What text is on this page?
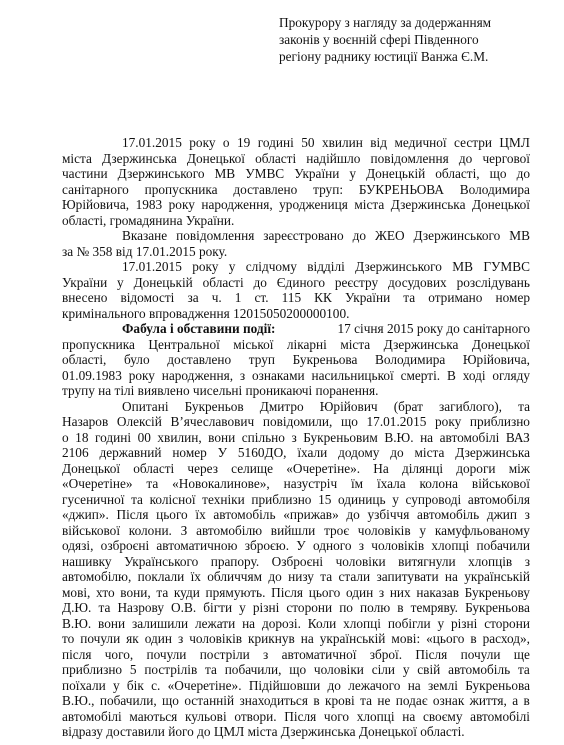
Прокурору з нагляду за додержанням
законів у воєнній сфері Південного
регіону раднику юстиції Ванжа Є.М.
17.01.2015 року о 19 годині 50 хвилин від медичної сестри ЦМЛ
міста Дзержинська Донецької області надійшло повідомлення до чергової
частини Дзержинського МВ УМВС України у Донецькій області, що до
санітарного пропускника доставлено труп: БУКРЕНЬОВА Володимира
Юрійовича, 1983 року народження, уроджениця міста Дзержинська Донецької
області, громадянина України.
Вказане повідомлення зареєстровано до ЖЕО Дзержинського МВ
за № 358 від 17.01.2015 року.
17.01.2015 року у слідчому відділі Дзержинського МВ ГУМВС
України у Донецькій області до Єдиного реєстру досудових розслідувань
внесено відомості за ч. 1 ст. 115 КК України та отримано номер
кримінального впровадження 12015050200000100.
Фабула і обставини події:	17 січня 2015 року до санітарного
пропускника Центральної міської лікарні міста Дзержинська Донецької
області, було доставлено труп Букреньова Володимира Юрійовича,
01.09.1983 року народження, з ознаками насильницької смерті. В ході огляду
трупу на тілі виявлено чисельні проникаючі поранення.
Опитані Букреньов Дмитро Юрійович (брат загиблого), та
Назаров Олексій В’ячеславович повідомили, що 17.01.2015 року приблизно
о 18 годині 00 хвилин, вони спільно з Букреньовим В.Ю. на автомобілі ВАЗ
2106 державний номер У 5160ДО, їхали додому до міста Дзержинська
Донецької області через селище «Очеретіне». На ділянці дороги між
«Очеретіне» та «Новокалинове», назустріч їм їхала колона військової
гусеничної та колісної техніки приблизно 15 одиниць у супроводі автомобіля
«джип». Після цього їх автомобіль «прижав» до узбіччя автомобіль джип з
військової колони. З автомобілю вийшли троє чоловіків у камуфльованому
одязі, озброєні автоматичною зброєю. У одного з чоловіків хлопці побачили
нашивку Українського прапору. Озброєні чоловіки витягнули хлопців з
автомобілю, поклали їх обличчям до низу та стали запитувати на українській
мові, хто вони, та куди прямують. Після цього один з них наказав Букреньову
Д.Ю. та Назрову О.В. бігти у різні сторони по полю в темряву. Букреньова
В.Ю. вони залишили лежати на дорозі. Коли хлопці побігли у різні сторони
то почули як один з чоловіків крикнув на українській мові: «цього в расход»,
після чого, почули постріли з автоматичної зброї. Після почули ще
приблизно 5 пострілів та побачили, що чоловіки сіли у свій автомобіль та
поїхали у бік с. «Очеретіне». Підійшовши до лежачого на землі Букреньова
В.Ю., побачили, що останній знаходиться в крові та не подає ознак життя, а в
автомобілі маються кульові отвори. Після чого хлопці на своєму автомобілі
відразу доставили його до ЦМЛ міста Дзержинська Донецької області.
